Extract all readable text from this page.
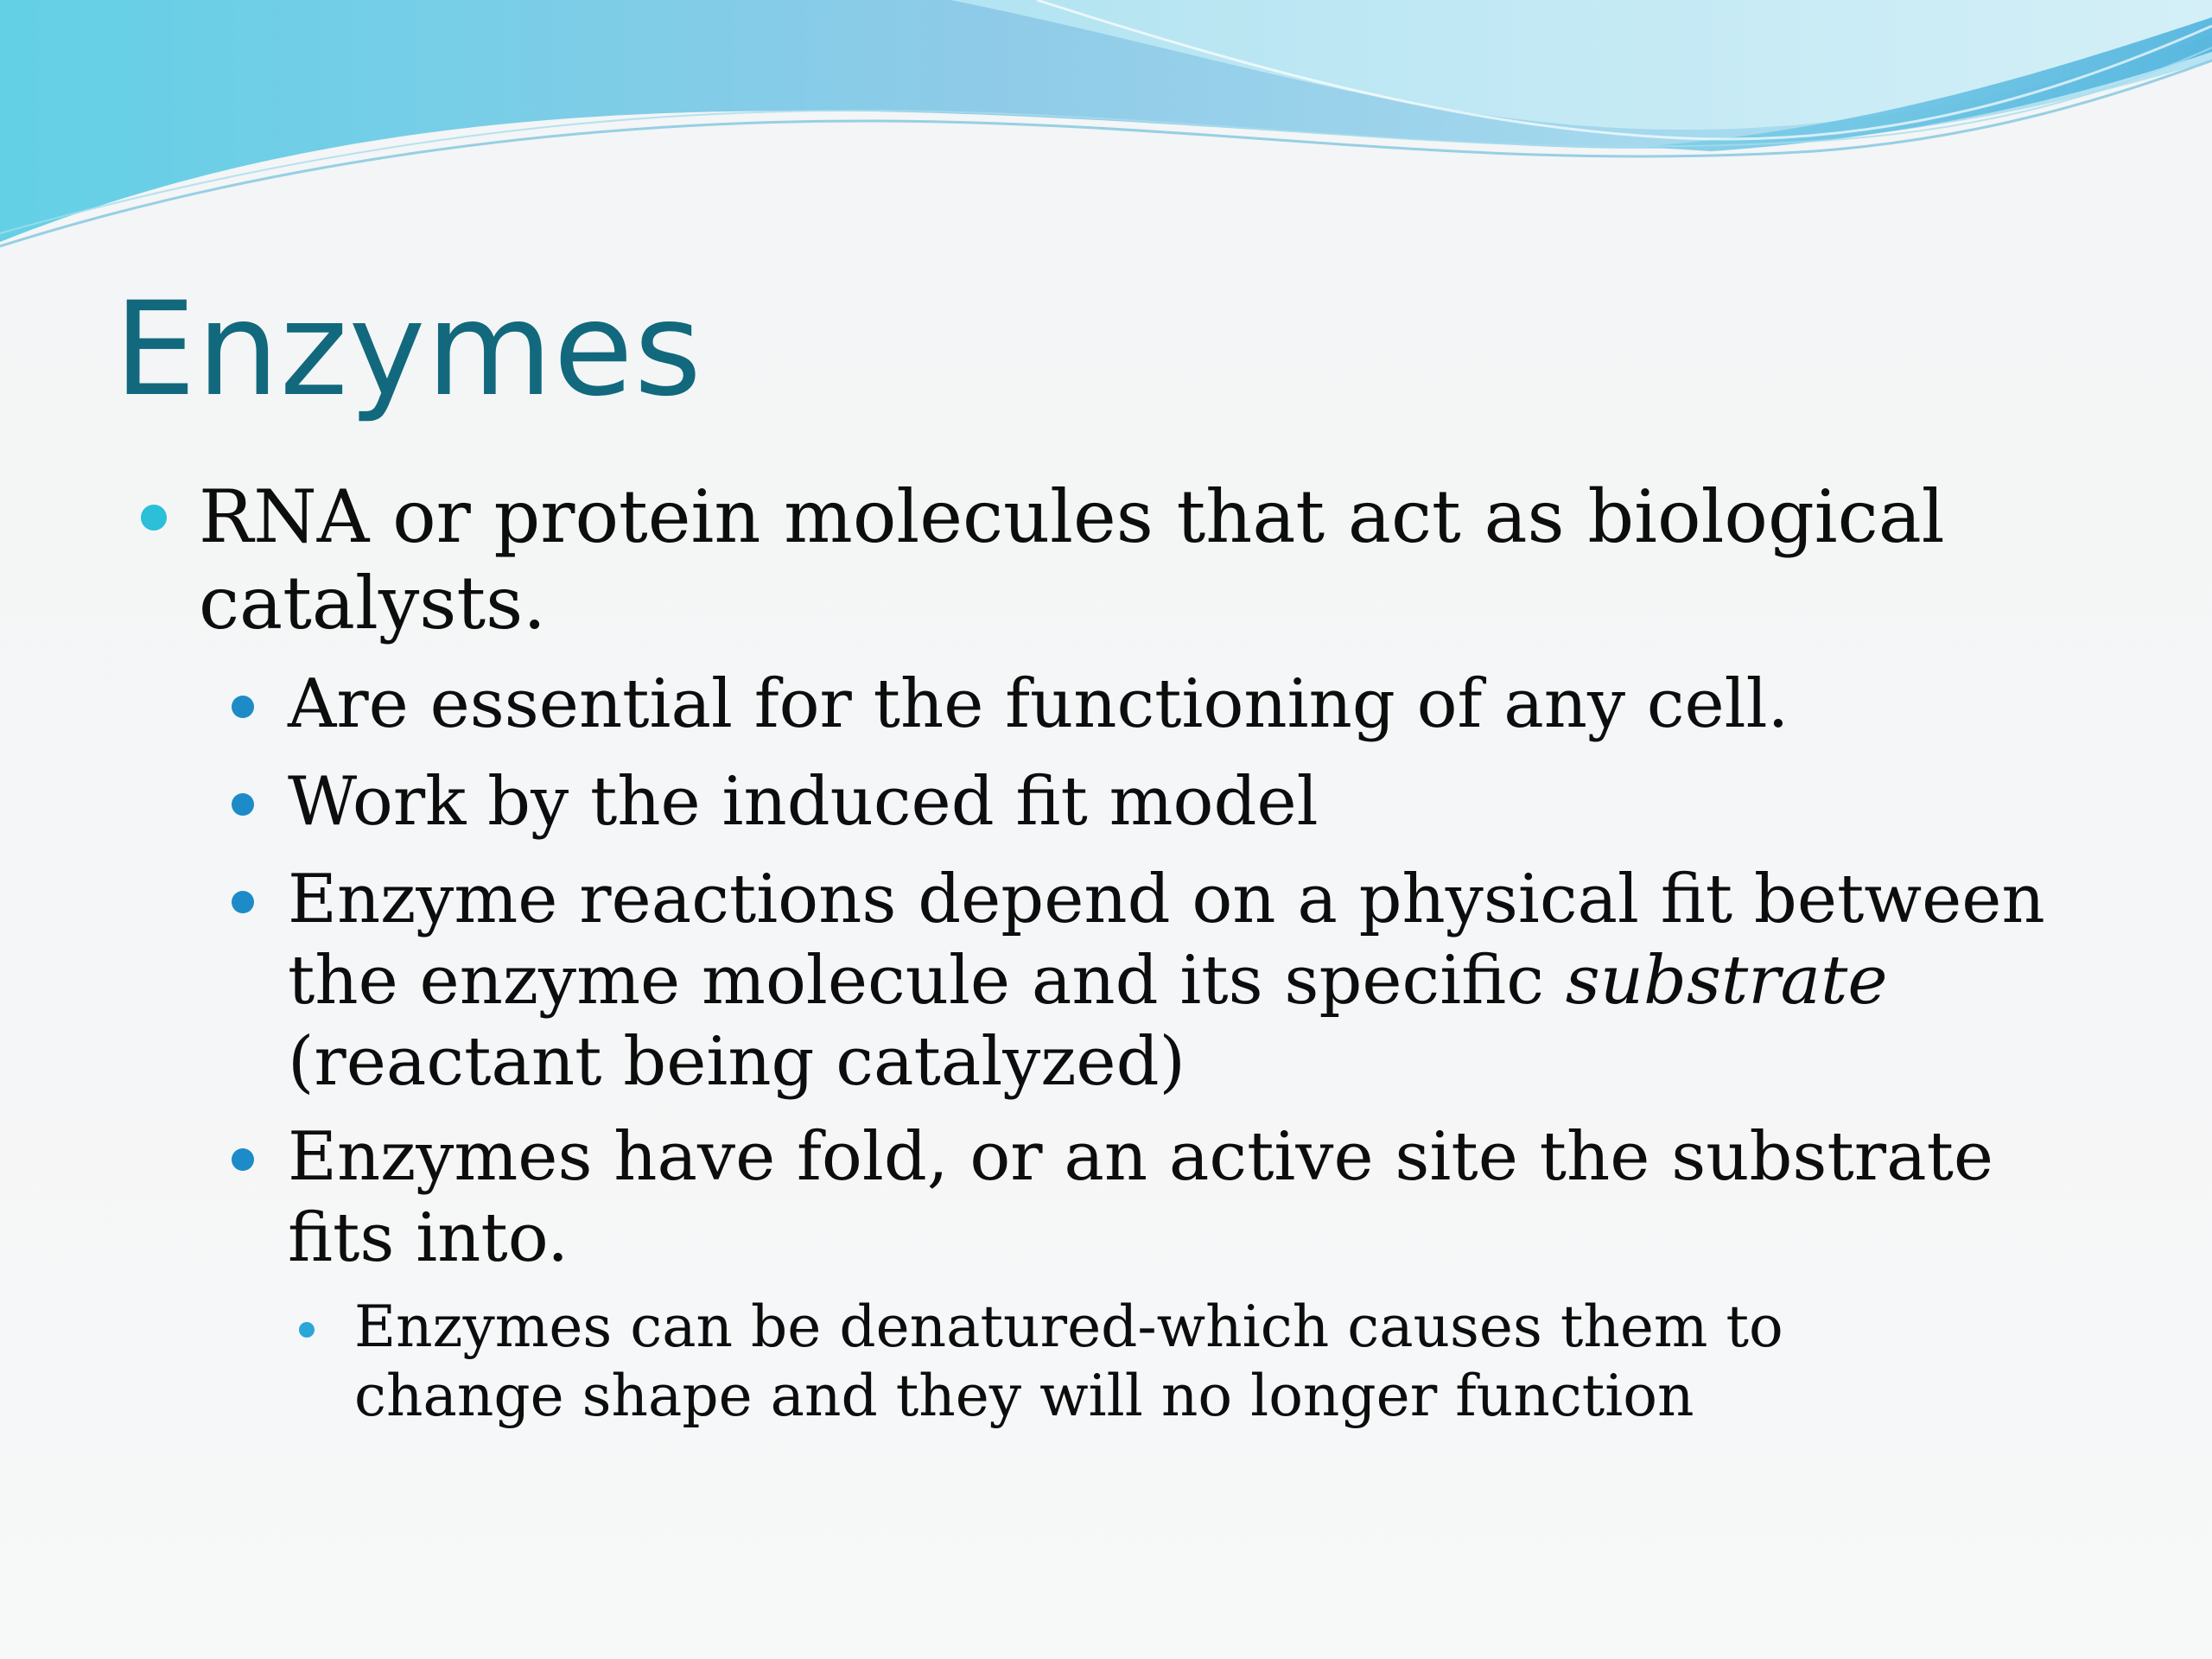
Enzymes

RNA or protein molecules that act as biological catalysts.

Are essential for the functioning of any cell.

Work by the induced fit model

Enzyme reactions depend on a physical fit between the enzyme molecule and its specific substrate (reactant being catalyzed)

Enzymes have fold, or an active site the substrate fits into.

Enzymes can be denatured-which causes them to change shape and they will no longer function
